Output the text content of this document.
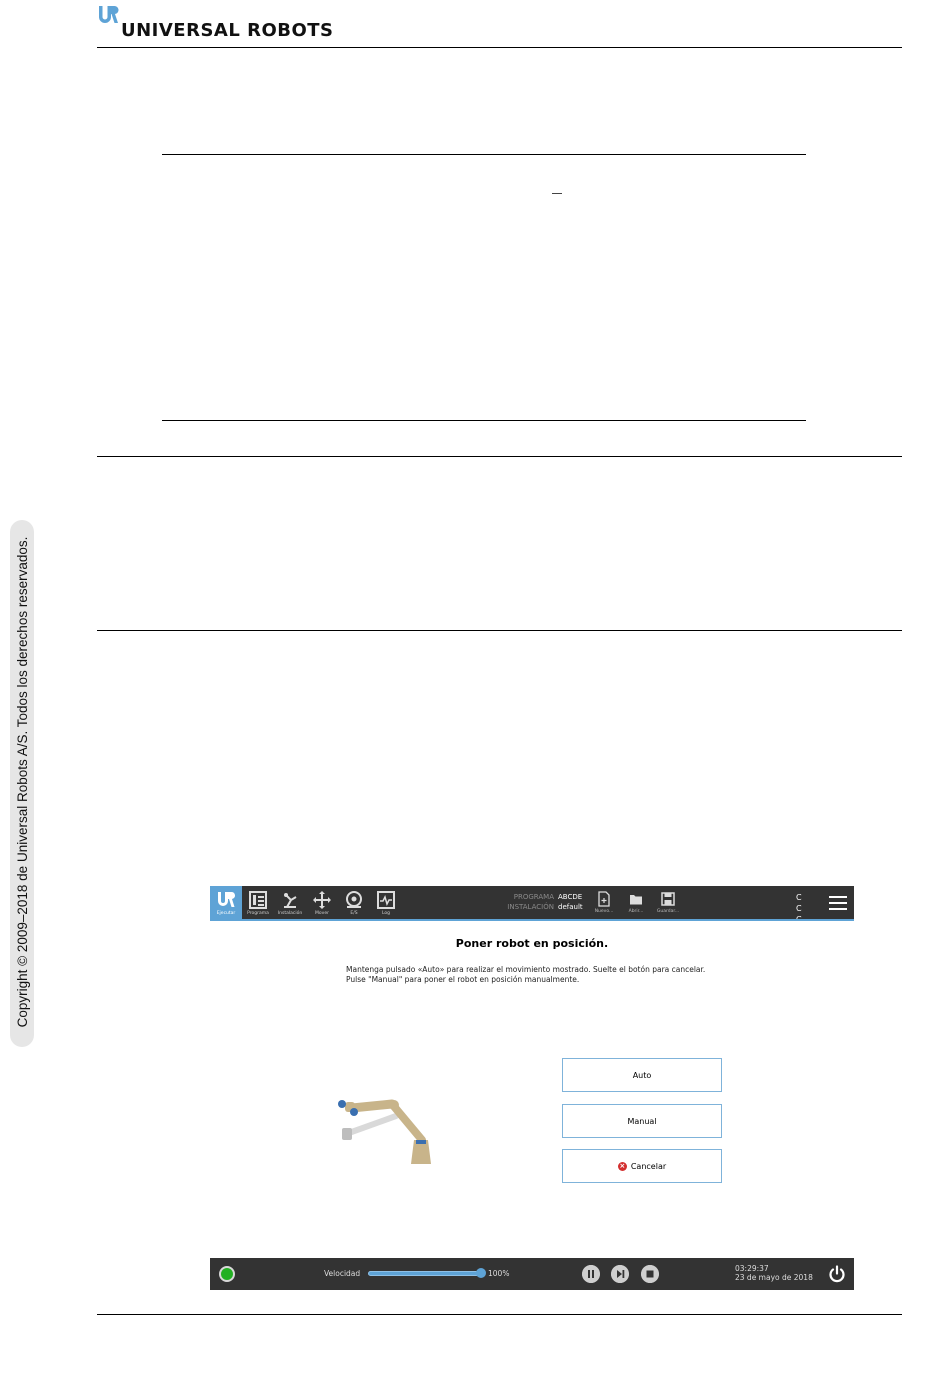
UNIVERSAL ROBOTS
Copyright © 2009–2018 de Universal Robots A/S. Todos los derechos reservados.	Ejecutar	Programa	Instalación	Mover	E/S	Log
PROGRAMA ABCDE
INSTALACIÓN default
Nuevo...	Abrir...	Guardar...
C C
C
Poner robot en posición.
Mantenga pulsado «Auto» para realizar el movimiento mostrado. Suelte el botón para cancelar.
Pulse "Manual" para poner el robot en posición manualmente.
Auto
Manual
× Cancelar
Velocidad	100%
03:29:37
23 de mayo de 2018
